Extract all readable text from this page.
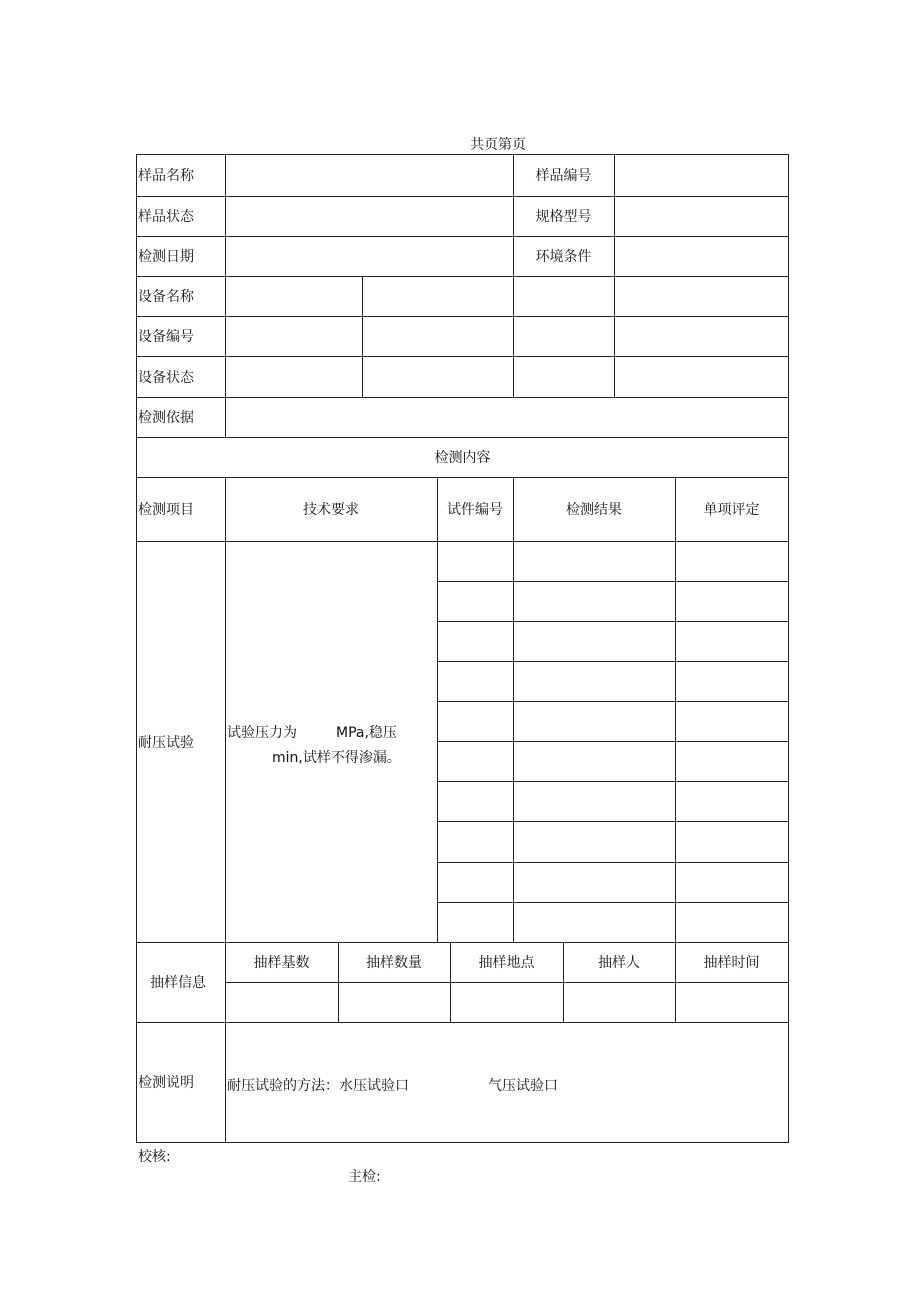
共页第页
样品名称	样品编号
样品状态	规格型号
检测日期	环境条件
设备名称
设备编号
设备状态
检测依据
检测内容
检测项目	技术要求	试件编号	检测结果	单项评定
耐压试验
试验压力为	MPa,稳压
min,试样不得渗漏。
抽样信息
抽样基数	抽样数量	抽样地点	抽样人	抽样时间
检测说明	耐压试验的方法：水压试验口	气压试验口
校核:
主检:
